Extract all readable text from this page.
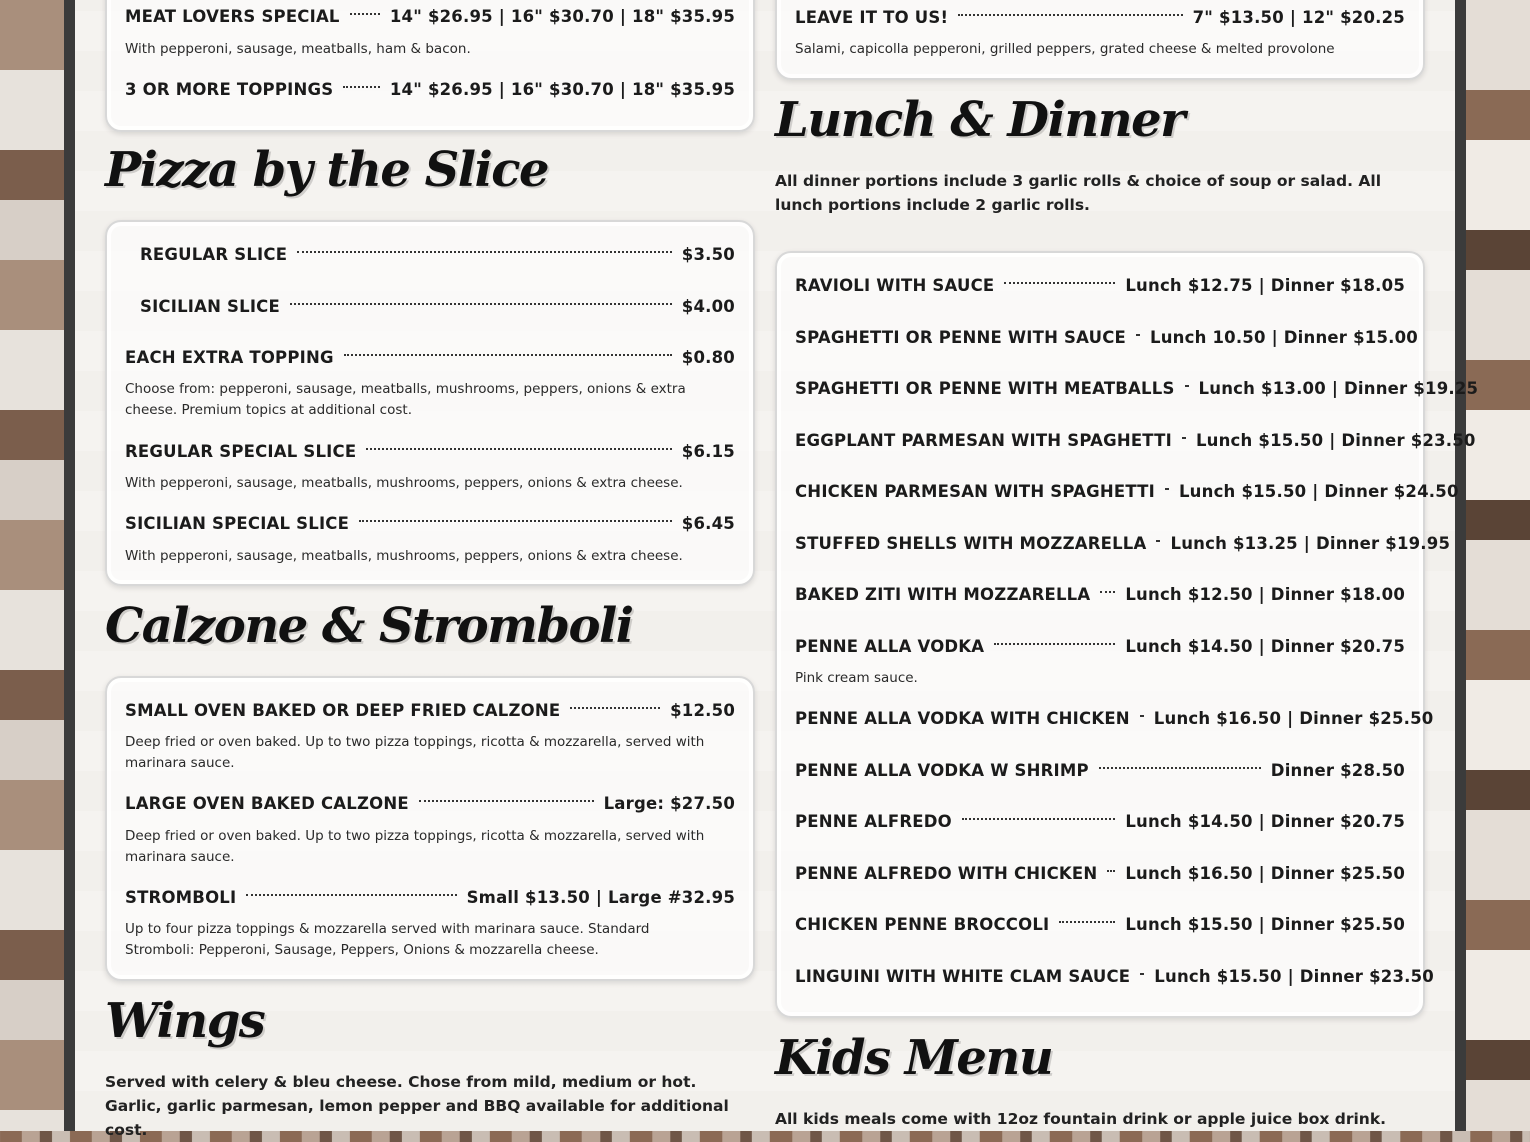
MEAT LOVERS SPECIAL	14" $26.95 | 16" $30.70 | 18" $35.95
With pepperoni, sausage, meatballs, ham & bacon.
3 OR MORE TOPPINGS	14" $26.95 | 16" $30.70 | 18" $35.95
Pizza by the Slice
REGULAR SLICE	$3.50
SICILIAN SLICE	$4.00
EACH EXTRA TOPPING	$0.80
Choose from: pepperoni, sausage, meatballs, mushrooms, peppers, onions & extra cheese. Premium topics at additional cost.
REGULAR SPECIAL SLICE	$6.15
With pepperoni, sausage, meatballs, mushrooms, peppers, onions & extra cheese.
SICILIAN SPECIAL SLICE	$6.45
With pepperoni, sausage, meatballs, mushrooms, peppers, onions & extra cheese.
Calzone & Stromboli
SMALL OVEN BAKED OR DEEP FRIED CALZONE	$12.50
Deep fried or oven baked. Up to two pizza toppings, ricotta & mozzarella, served with marinara sauce.
LARGE OVEN BAKED CALZONE	Large: $27.50
Deep fried or oven baked. Up to two pizza toppings, ricotta & mozzarella, served with marinara sauce.
STROMBOLI	Small $13.50 | Large #32.95
Up to four pizza toppings & mozzarella served with marinara sauce. Standard Stromboli: Pepperoni, Sausage, Peppers, Onions & mozzarella cheese.
Wings
Served with celery & bleu cheese. Chose from mild, medium or hot. Garlic, garlic parmesan, lemon pepper and BBQ available for additional cost.
LEAVE IT TO US!	7" $13.50 | 12" $20.25
Salami, capicolla pepperoni, grilled peppers, grated cheese & melted provolone
Lunch & Dinner
All dinner portions include 3 garlic rolls & choice of soup or salad. All lunch portions include 2 garlic rolls.
RAVIOLI WITH SAUCE	Lunch $12.75 | Dinner $18.05
SPAGHETTI OR PENNE WITH SAUCE Lunch 10.50 | Dinner $15.00
SPAGHETTI OR PENNE WITH MEATBALLS Lunch $13.00 | Dinner $19.25
EGGPLANT PARMESAN WITH SPAGHETTI Lunch $15.50 | Dinner $23.50
CHICKEN PARMESAN WITH SPAGHETTI Lunch $15.50 | Dinner $24.50
STUFFED SHELLS WITH MOZZARELLA Lunch $13.25 | Dinner $19.95
BAKED ZITI WITH MOZZARELLA Lunch $12.50 | Dinner $18.00
PENNE ALLA VODKA	Lunch $14.50 | Dinner $20.75
Pink cream sauce.
PENNE ALLA VODKA WITH CHICKEN Lunch $16.50 | Dinner $25.50
PENNE ALLA VODKA W SHRIMP	Dinner $28.50
PENNE ALFREDO	Lunch $14.50 | Dinner $20.75
PENNE ALFREDO WITH CHICKEN Lunch $16.50 | Dinner $25.50
CHICKEN PENNE BROCCOLI	Lunch $15.50 | Dinner $25.50
LINGUINI WITH WHITE CLAM SAUCE Lunch $15.50 | Dinner $23.50
Kids Menu
All kids meals come with 12oz fountain drink or apple juice box drink.
